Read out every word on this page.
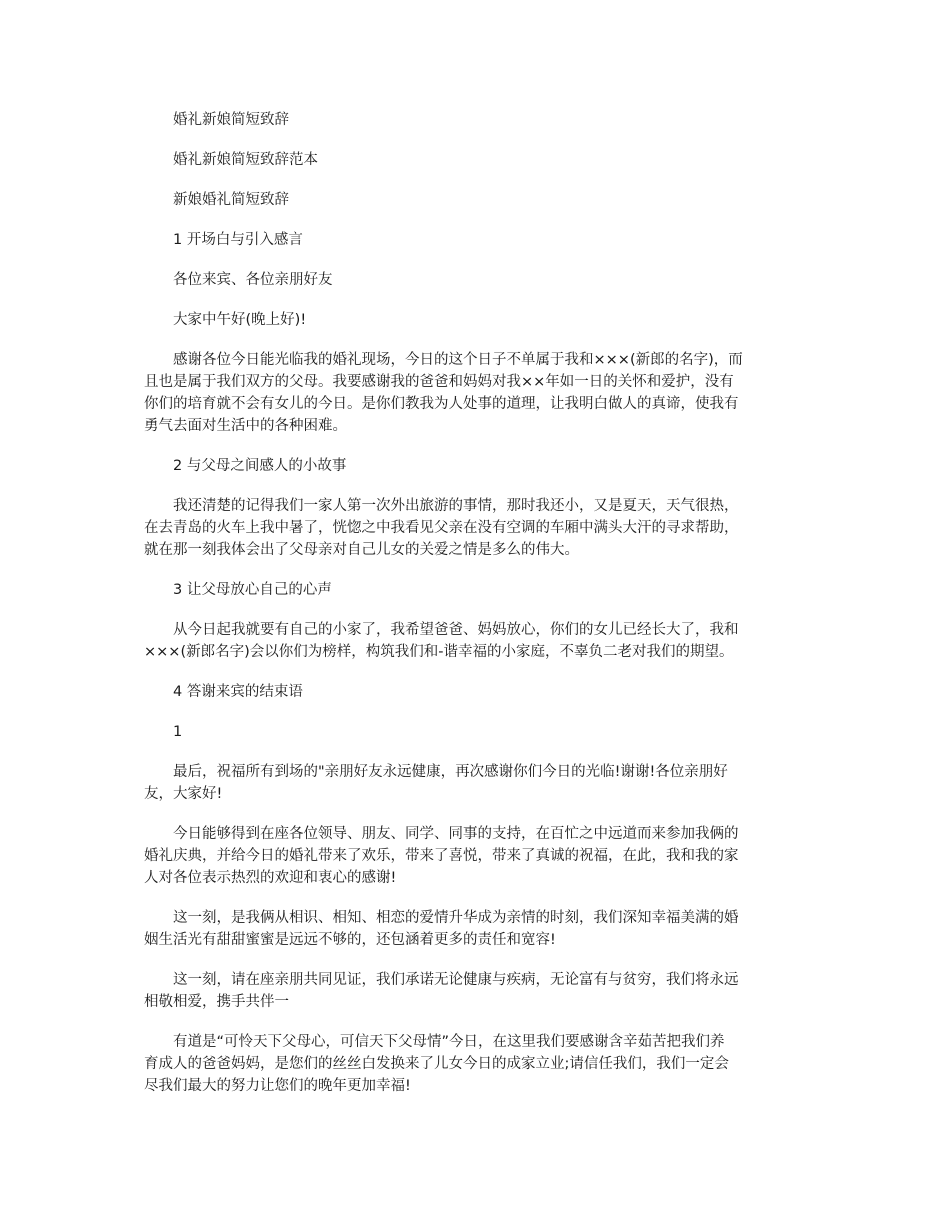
婚礼新娘简短致辞
婚礼新娘简短致辞范本
新娘婚礼简短致辞
1 开场白与引入感言
各位来宾、各位亲朋好友
大家中午好(晚上好)!
感谢各位今日能光临我的婚礼现场，今日的这个日子不单属于我和×××(新郎的名字)，而
且也是属于我们双方的父母。我要感谢我的爸爸和妈妈对我××年如一日的关怀和爱护，没有
你们的培育就不会有女儿的今日。是你们教我为人处事的道理，让我明白做人的真谛，使我有
勇气去面对生活中的各种困难。
2 与父母之间感人的小故事
我还清楚的记得我们一家人第一次外出旅游的事情，那时我还小，又是夏天，天气很热，
在去青岛的火车上我中暑了，恍惚之中我看见父亲在没有空调的车厢中满头大汗的寻求帮助，
就在那一刻我体会出了父母亲对自己儿女的关爱之情是多么的伟大。
3 让父母放心自己的心声
从今日起我就要有自己的小家了，我希望爸爸、妈妈放心，你们的女儿已经长大了，我和
×××(新郎名字)会以你们为榜样，构筑我们和-谐幸福的小家庭，不辜负二老对我们的期望。
4 答谢来宾的结束语
1
最后，祝福所有到场的"亲朋好友永远健康，再次感谢你们今日的光临!谢谢!各位亲朋好
友，大家好!
今日能够得到在座各位领导、朋友、同学、同事的支持，在百忙之中远道而来参加我俩的
婚礼庆典，并给今日的婚礼带来了欢乐，带来了喜悦，带来了真诚的祝福，在此，我和我的家
人对各位表示热烈的欢迎和衷心的感谢!
这一刻，是我俩从相识、相知、相恋的爱情升华成为亲情的时刻，我们深知幸福美满的婚
姻生活光有甜甜蜜蜜是远远不够的，还包涵着更多的责任和宽容!
这一刻，请在座亲朋共同见证，我们承诺无论健康与疾病，无论富有与贫穷，我们将永远
相敬相爱，携手共伴一
有道是“可怜天下父母心，可信天下父母情”今日，在这里我们要感谢含辛茹苦把我们养
育成人的爸爸妈妈，是您们的丝丝白发换来了儿女今日的成家立业;请信任我们，我们一定会
尽我们最大的努力让您们的晚年更加幸福!
